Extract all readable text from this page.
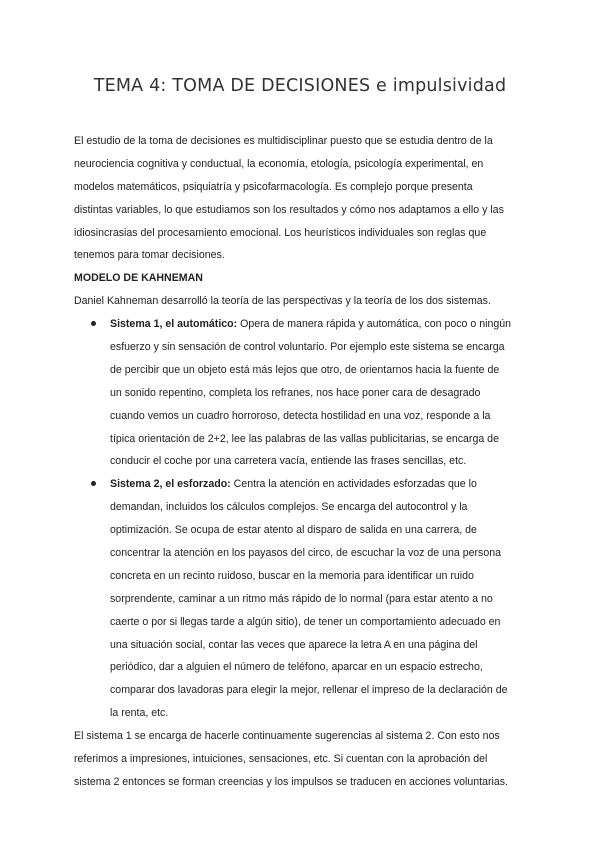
TEMA 4: TOMA DE DECISIONES e impulsividad
El estudio de la toma de decisiones es multidisciplinar puesto que se estudia dentro de la
neurociencia cognitiva y conductual, la economía, etología, psicología experimental, en
modelos matemáticos, psiquiatría y psicofarmacología. Es complejo porque presenta
distintas variables, lo que estudiamos son los resultados y cómo nos adaptamos a ello y las
idiosincrasias del procesamiento emocional. Los heurísticos individuales son reglas que
tenemos para tomar decisiones.
MODELO DE KAHNEMAN
Daniel Kahneman desarrolló la teoría de las perspectivas y la teoría de los dos sistemas.
Sistema 1, el automático: Opera de manera rápida y automática, con poco o ningún
esfuerzo y sin sensación de control voluntario. Por ejemplo este sistema se encarga
de percibir que un objeto está más lejos que otro, de orientarnos hacia la fuente de
un sonido repentino, completa los refranes, nos hace poner cara de desagrado
cuando vemos un cuadro horroroso, detecta hostilidad en una voz, responde a la
típica orientación de 2+2, lee las palabras de las vallas publicitarias, se encarga de
conducir el coche por una carretera vacía, entiende las frases sencillas, etc.
Sistema 2, el esforzado: Centra la atención en actividades esforzadas que lo
demandan, incluidos los cálculos complejos. Se encarga del autocontrol y la
optimización. Se ocupa de estar atento al disparo de salida en una carrera, de
concentrar la atención en los payasos del circo, de escuchar la voz de una persona
concreta en un recinto ruidoso, buscar en la memoria para identificar un ruido
sorprendente, caminar a un ritmo más rápido de lo normal (para estar atento a no
caerte o por si llegas tarde a algún sitio), de tener un comportamiento adecuado en
una situación social, contar las veces que aparece la letra A en una página del
periódico, dar a alguien el número de teléfono, aparcar en un espacio estrecho,
comparar dos lavadoras para elegir la mejor, rellenar el impreso de la declaración de
la renta, etc.
El sistema 1 se encarga de hacerle continuamente sugerencias al sistema 2. Con esto nos
referimos a impresiones, intuiciones, sensaciones, etc. Si cuentan con la aprobación del
sistema 2 entonces se forman creencias y los impulsos se traducen en acciones voluntarias.
